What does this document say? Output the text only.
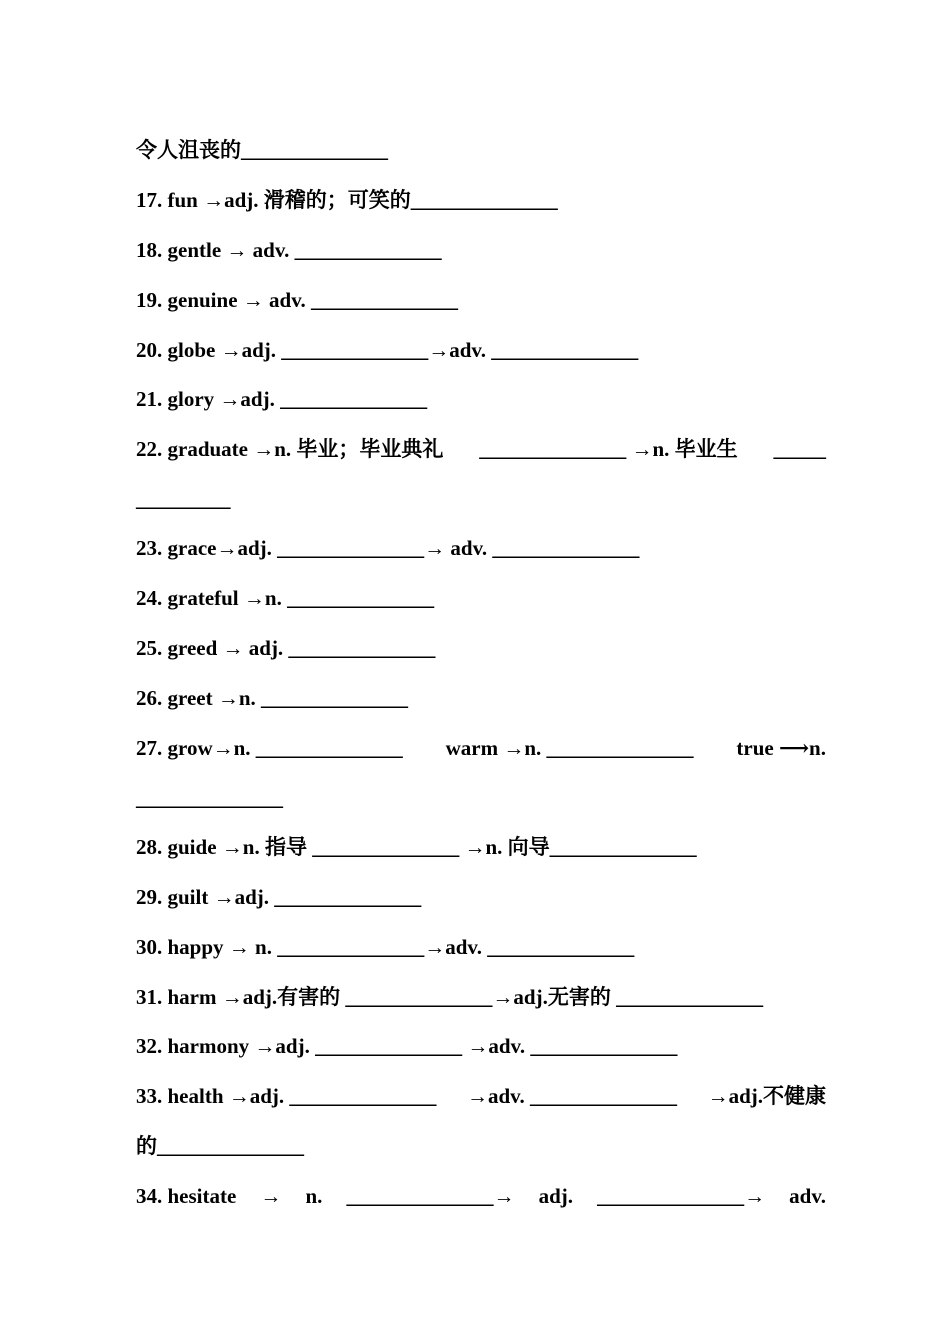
令人沮丧的______________
17. fun →adj. 滑稽的；可笑的______________
18. gentle → adv. ______________
19. genuine → adv. ______________
20. globe →adj. ______________→adv. ______________
21. glory →adj. ______________
22. graduate →n. 毕业；毕业典礼 ______________ →n. 毕业生 _____
_________
23. grace→adj. ______________→ adv. ______________
24. grateful →n. ______________
25. greed → adj. ______________
26. greet →n. ______________
27. grow→n. ______________ warm →n. ______________ true ⟶n.
______________
28. guide →n. 指导 ______________ →n. 向导______________
29. guilt →adj. ______________
30. happy → n. ______________→adv. ______________
31. harm →adj.有害的 ______________→adj.无害的 ______________
32. harmony →adj. ______________ →adv. ______________
33. health →adj. ______________ →adv. ______________ →adj.不健康
的______________
34. hesitate → n. ______________→ adj. ______________→ adv.
